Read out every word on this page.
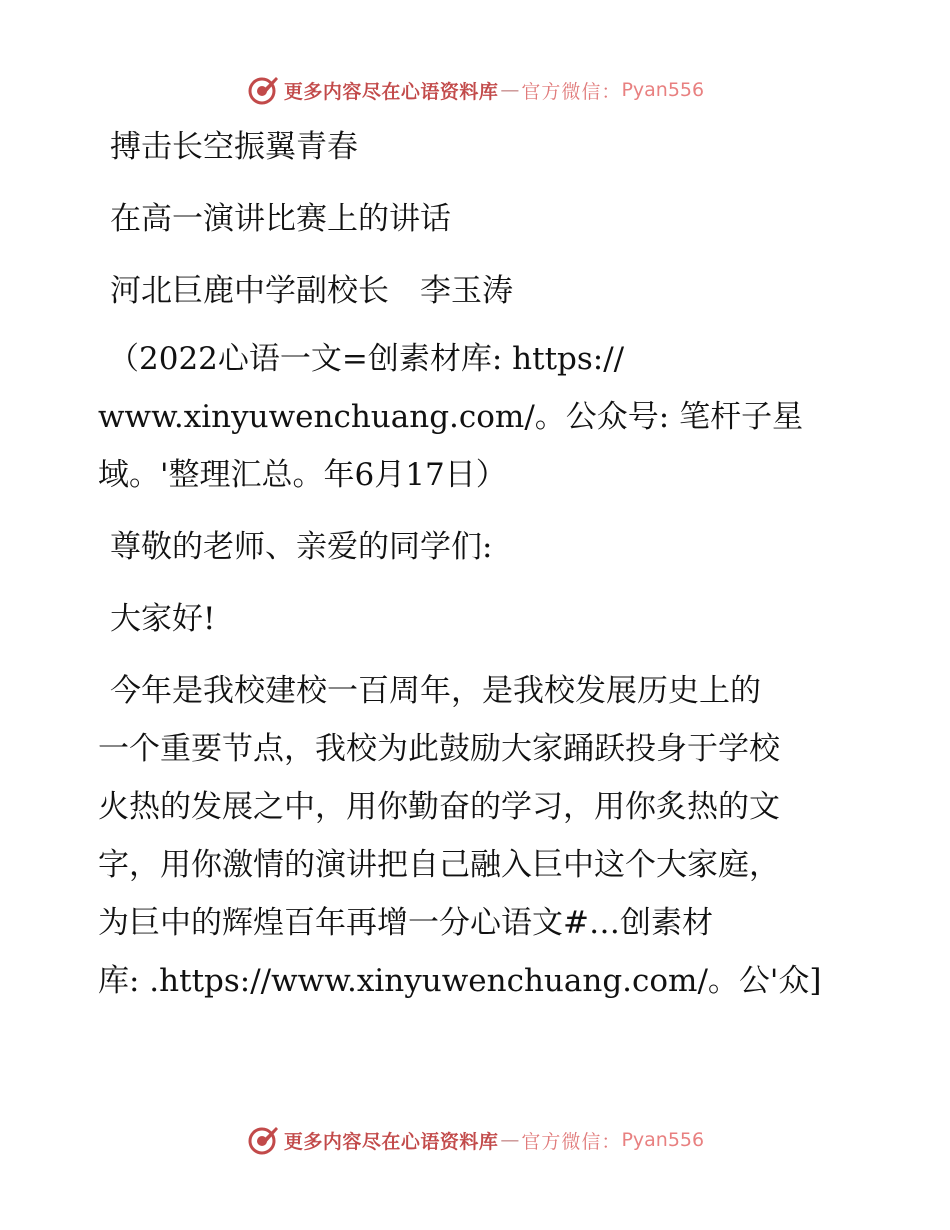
更多内容尽在心语资料库 — 官方微信： Pyan556
搏击长空振翼青春
在高一演讲比赛上的讲话
河北巨鹿中学副校长　李玉涛
（2022心语一文=创素材库: https://
www.xinyuwenchuang.com/。公众号: 笔杆子星
域。'整理汇总。年6月17日）
尊敬的老师、亲爱的同学们:
大家好!
今年是我校建校一百周年，是我校发展历史上的
一个重要节点，我校为此鼓励大家踊跃投身于学校
火热的发展之中，用你勤奋的学习，用你炙热的文
字，用你激情的演讲把自己融入巨中这个大家庭，
为巨中的辉煌百年再增一分心语文#…创素材
库: .https://www.xinyuwenchuang.com/。公'众]
更多内容尽在心语资料库 — 官方微信： Pyan556
